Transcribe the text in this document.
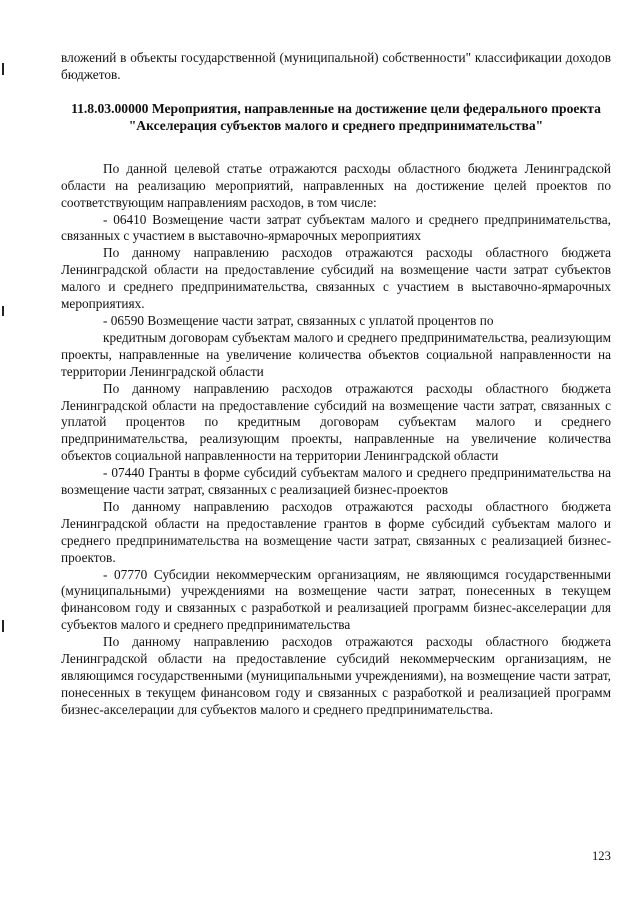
вложений в объекты государственной (муниципальной) собственности" классификации доходов бюджетов.

11.8.03.00000 Мероприятия, направленные на достижение цели федерального проекта "Акселерация субъектов малого и среднего предпринимательства"

По данной целевой статье отражаются расходы областного бюджета Ленинградской области на реализацию мероприятий, направленных на достижение целей проектов по соответствующим направлениям расходов, в том числе:

- 06410 Возмещение части затрат субъектам малого и среднего предпринимательства, связанных с участием в выставочно-ярмарочных мероприятиях

По данному направлению расходов отражаются расходы областного бюджета Ленинградской области на предоставление субсидий на возмещение части затрат субъектов малого и среднего предпринимательства, связанных с участием в выставочно-ярмарочных мероприятиях.

- 06590 Возмещение части затрат, связанных с уплатой процентов по

кредитным договорам субъектам малого и среднего предпринимательства, реализующим проекты, направленные на увеличение количества объектов социальной направленности на территории Ленинградской области

По данному направлению расходов отражаются расходы областного бюджета Ленинградской области на предоставление субсидий на возмещение части затрат, связанных с уплатой процентов по кредитным договорам субъектам малого и среднего предпринимательства, реализующим проекты, направленные на увеличение количества объектов социальной направленности на территории Ленинградской области

- 07440 Гранты в форме субсидий субъектам малого и среднего предпринимательства на возмещение части затрат, связанных с реализацией бизнес-проектов

По данному направлению расходов отражаются расходы областного бюджета Ленинградской области на предоставление грантов в форме субсидий субъектам малого и среднего предпринимательства на возмещение части затрат, связанных с реализацией бизнес-проектов.

- 07770 Субсидии некоммерческим организациям, не являющимся государственными (муниципальными) учреждениями на возмещение части затрат, понесенных в текущем финансовом году и связанных с разработкой и реализацией программ бизнес-акселерации для субъектов малого и среднего предпринимательства

По данному направлению расходов отражаются расходы областного бюджета Ленинградской области на предоставление субсидий некоммерческим организациям, не являющимся государственными (муниципальными учреждениями), на возмещение части затрат, понесенных в текущем финансовом году и связанных с разработкой и реализацией программ бизнес-акселерации для субъектов малого и среднего предпринимательства.

123
